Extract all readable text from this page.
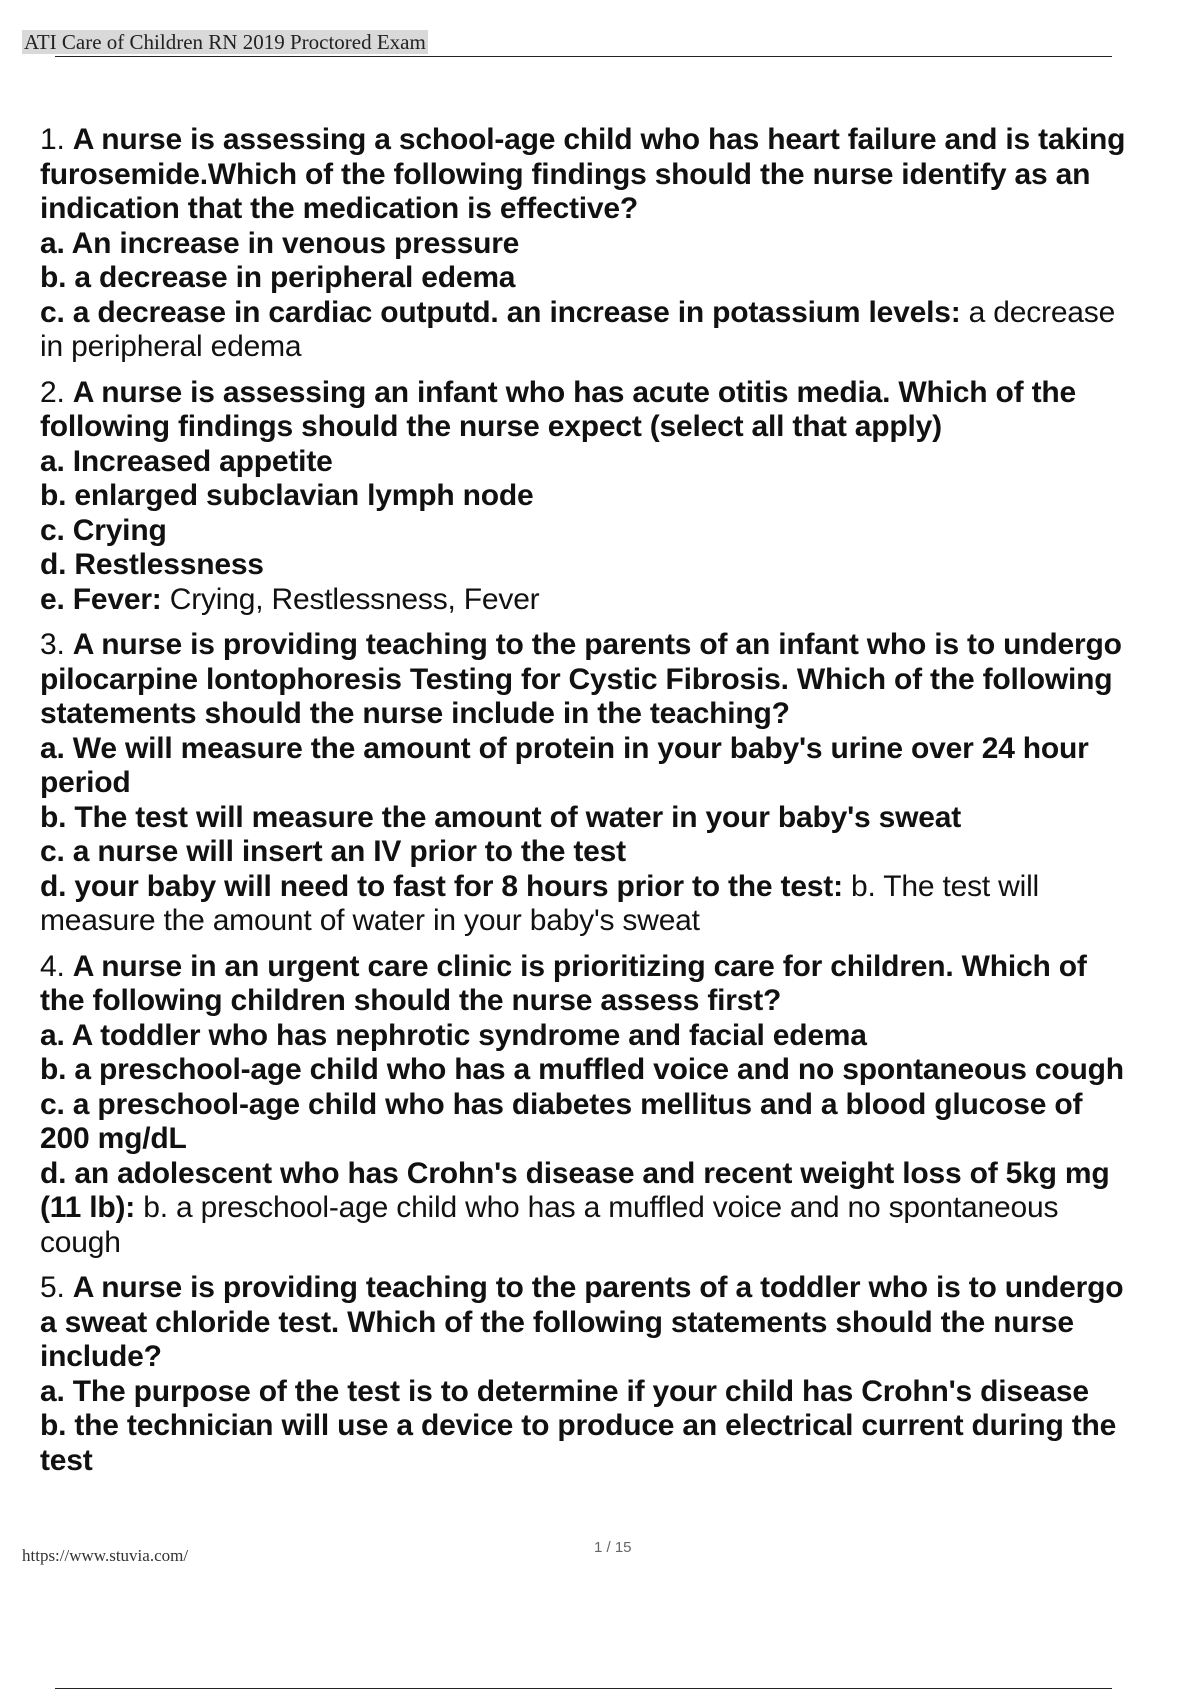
ATI Care of Children RN 2019 Proctored Exam
1. A nurse is assessing a school-age child who has heart failure and is taking
furosemide.Which of the following findings should the nurse identify as an
indication that the medication is effective?
a. An increase in venous pressure
b. a decrease in peripheral edema
c. a decrease in cardiac outputd. an increase in potassium levels: a decrease
in peripheral edema
2. A nurse is assessing an infant who has acute otitis media. Which of the
following findings should the nurse expect (select all that apply)
a. Increased appetite
b. enlarged subclavian lymph node
c. Crying
d. Restlessness
e. Fever: Crying, Restlessness, Fever
3. A nurse is providing teaching to the parents of an infant who is to undergo
pilocarpine lontophoresis Testing for Cystic Fibrosis. Which of the following
statements should the nurse include in the teaching?
a. We will measure the amount of protein in your baby's urine over 24 hour
period
b. The test will measure the amount of water in your baby's sweat
c. a nurse will insert an IV prior to the test
d. your baby will need to fast for 8 hours prior to the test: b. The test will
measure the amount of water in your baby's sweat
4. A nurse in an urgent care clinic is prioritizing care for children. Which of
the following children should the nurse assess first?
a. A toddler who has nephrotic syndrome and facial edema
b. a preschool-age child who has a muffled voice and no spontaneous cough
c. a preschool-age child who has diabetes mellitus and a blood glucose of
200 mg/dL
d. an adolescent who has Crohn's disease and recent weight loss of 5kg mg
(11 lb): b. a preschool-age child who has a muffled voice and no spontaneous
cough
5. A nurse is providing teaching to the parents of a toddler who is to undergo
a sweat chloride test. Which of the following statements should the nurse
include?
a. The purpose of the test is to determine if your child has Crohn's disease
b. the technician will use a device to produce an electrical current during the
test
https://www.stuvia.com/	1 / 15
